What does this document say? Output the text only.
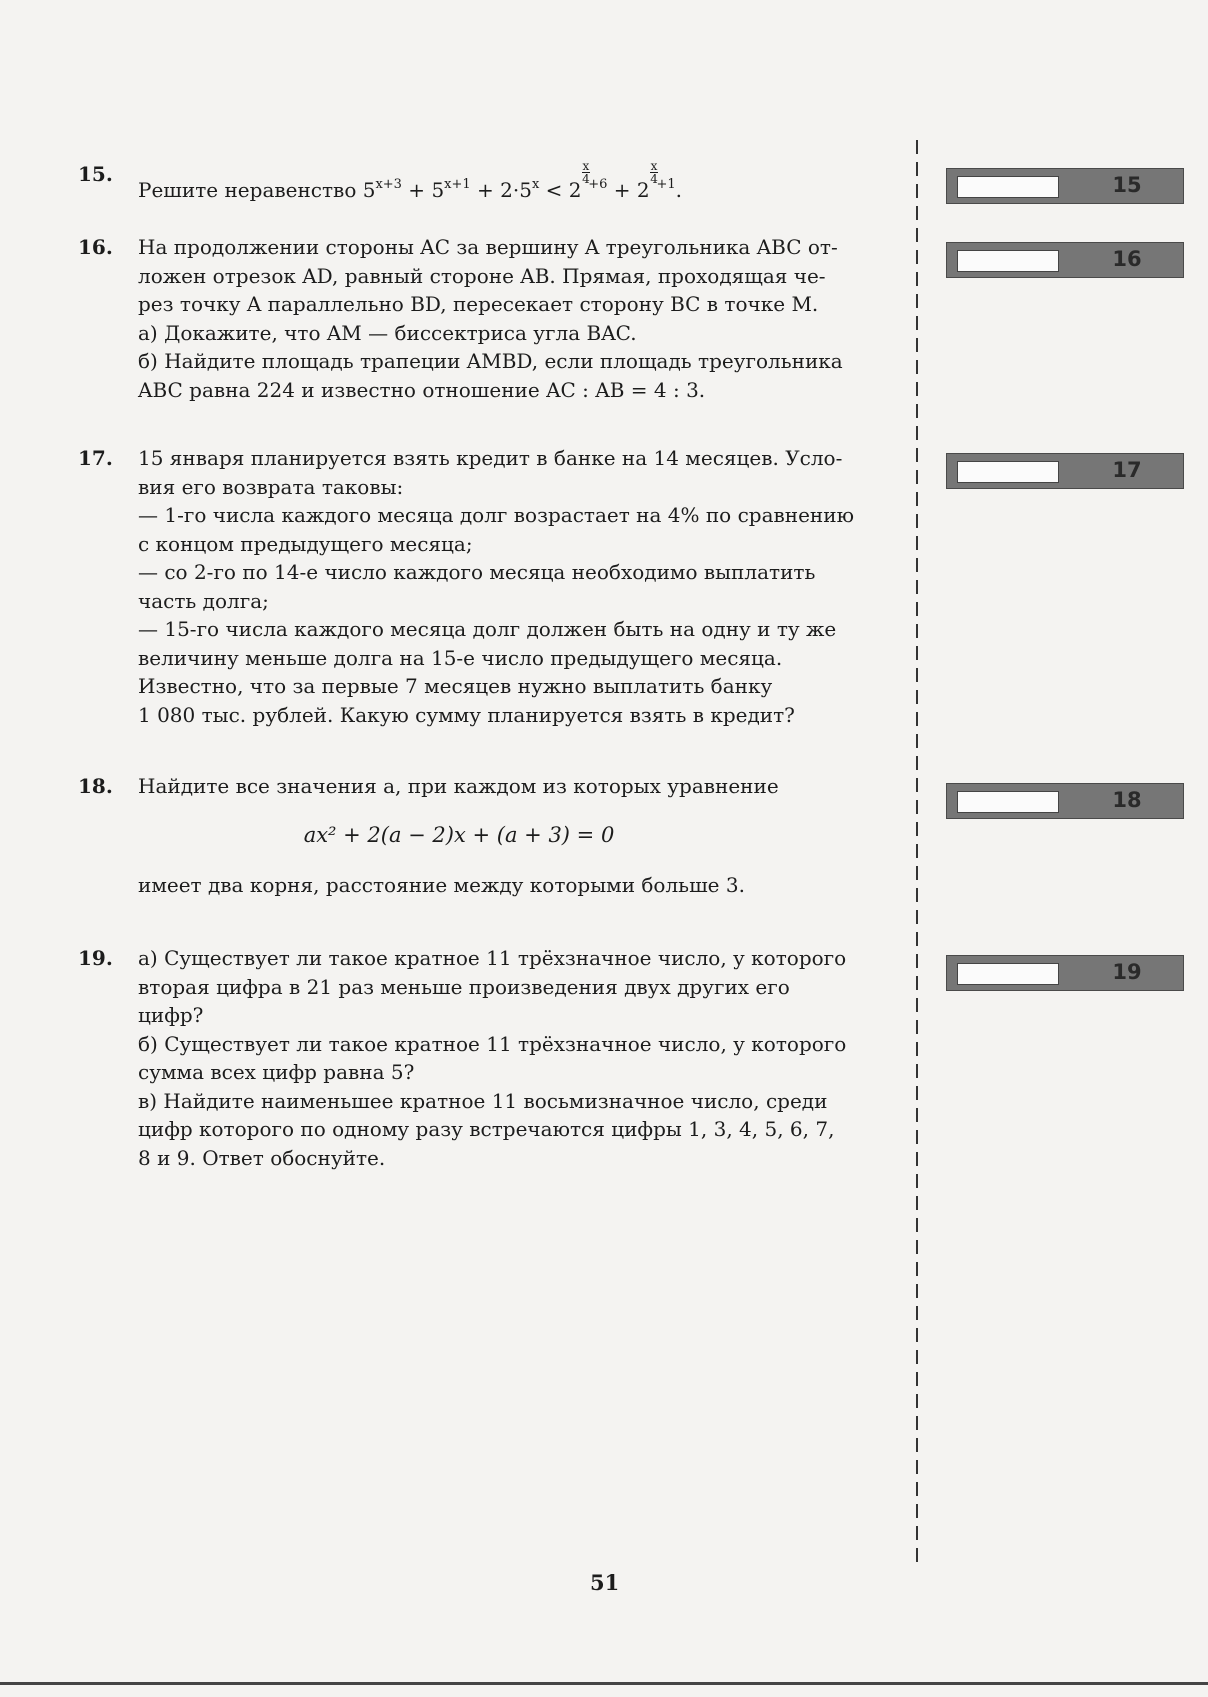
15.
Решите неравенство $5^{x+3} + 5^{x+1} + 2\cdot 5^x < 2$
$\frac{x}{4}$
$^{+6}$ + 2
$\frac{x}{4}$
$^{+1}$.
16. На продолжении стороны AC за вершину A треугольника ABC от-
ложен отрезок AD, равный стороне AB. Прямая, проходящая че-
рез точку A параллельно BD, пересекает сторону BC в точке M.
а) Докажите, что AM — биссектриса угла BAC.
б) Найдите площадь трапеции AMBD, если площадь треугольника
ABC равна 224 и известно отношение AC : AB = 4 : 3.
17. 15 января планируется взять кредит в банке на 14 месяцев. Усло-
вия его возврата таковы:
— 1-го числа каждого месяца долг возрастает на 4% по сравнению
с концом предыдущего месяца;
— со 2-го по 14-е число каждого месяца необходимо выплатить
часть долга;
— 15-го числа каждого месяца долг должен быть на одну и ту же
величину меньше долга на 15-е число предыдущего месяца.
Известно, что за первые 7 месяцев нужно выплатить банку
1 080 тыс. рублей. Какую сумму планируется взять в кредит?
18. Найдите все значения a, при каждом из которых уравнение
ax² + 2(a − 2)x + (a + 3) = 0
имеет два корня, расстояние между которыми больше 3.
19. а) Существует ли такое кратное 11 трёхзначное число, у которого
вторая цифра в 21 раз меньше произведения двух других его
цифр?
б) Существует ли такое кратное 11 трёхзначное число, у которого
сумма всех цифр равна 5?
в) Найдите наименьшее кратное 11 восьмизначное число, среди
цифр которого по одному разу встречаются цифры 1, 3, 4, 5, 6, 7,
8 и 9. Ответ обоснуйте.
15
16
17
18
19
51
